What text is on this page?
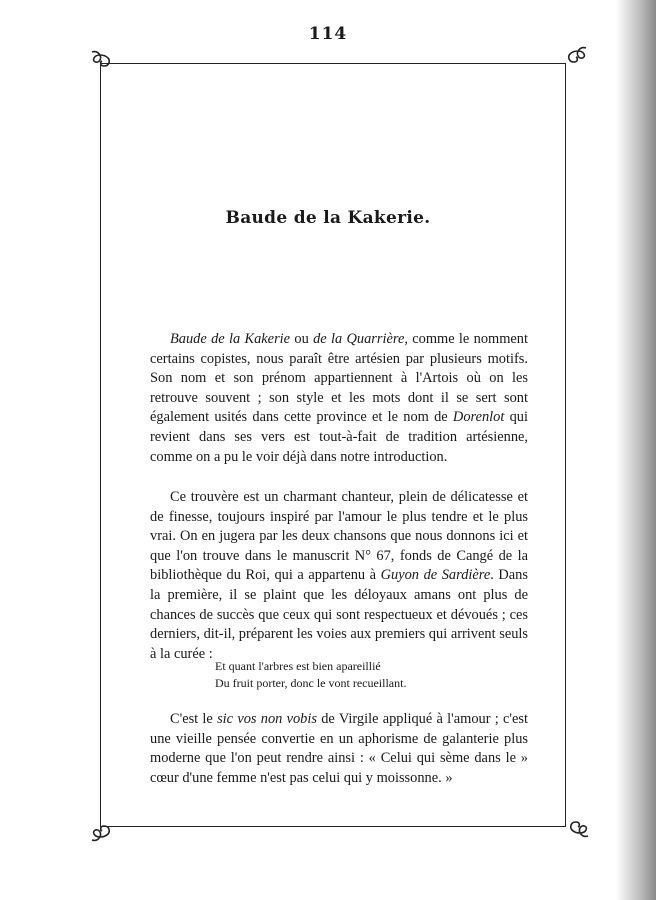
114
Baude de la Kakerie.
Baude de la Kakerie ou de la Quarrière, comme le nomment certains copistes, nous paraît être artésien par plusieurs motifs. Son nom et son prénom appartiennent à l'Artois où on les retrouve souvent ; son style et les mots dont il se sert sont également usités dans cette province et le nom de Dorenlot qui revient dans ses vers est tout-à-fait de tradition artésienne, comme on a pu le voir déjà dans notre introduction.
Ce trouvère est un charmant chanteur, plein de délicatesse et de finesse, toujours inspiré par l'amour le plus tendre et le plus vrai. On en jugera par les deux chansons que nous donnons ici et que l'on trouve dans le manuscrit N° 67, fonds de Cangé de la bibliothèque du Roi, qui a appartenu à Guyon de Sardière. Dans la première, il se plaint que les déloyaux amans ont plus de chances de succès que ceux qui sont respectueux et dévoués ; ces derniers, dit-il, préparent les voies aux premiers qui arrivent seuls à la curée :
Et quant l'arbres est bien apareillié
Du fruit porter, donc le vont recueillant.
C'est le sic vos non vobis de Virgile appliqué à l'amour ; c'est une vieille pensée convertie en un aphorisme de galanterie plus moderne que l'on peut rendre ainsi : « Celui qui sème dans le » cœur d'une femme n'est pas celui qui y moissonne. »
